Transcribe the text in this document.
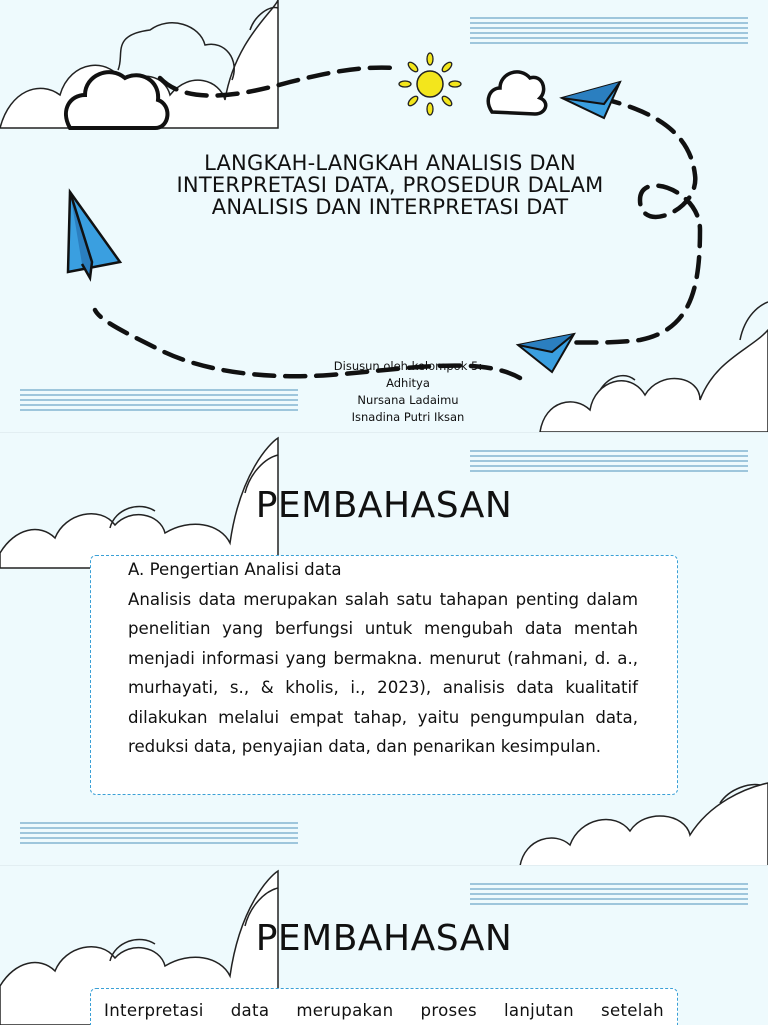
LANGKAH-LANGKAH ANALISIS DAN INTERPRETASI DATA, PROSEDUR DALAM ANALISIS DAN INTERPRETASI DAT
Disusun oleh kelompok 5:
Adhitya
Nursana Ladaimu
Isnadina Putri Iksan
PEMBAHASAN
A. Pengertian Analisi data

Analisis data merupakan salah satu tahapan penting dalam penelitian yang berfungsi untuk mengubah data mentah menjadi informasi yang bermakna. menurut (rahmani, d. a., murhayati, s., & kholis, i., 2023), analisis data kualitatif dilakukan melalui empat tahap, yaitu pengumpulan data, reduksi data, penyajian data, dan penarikan kesimpulan.

PEMBAHASAN

Interpretasi data merupakan proses lanjutan setelah
